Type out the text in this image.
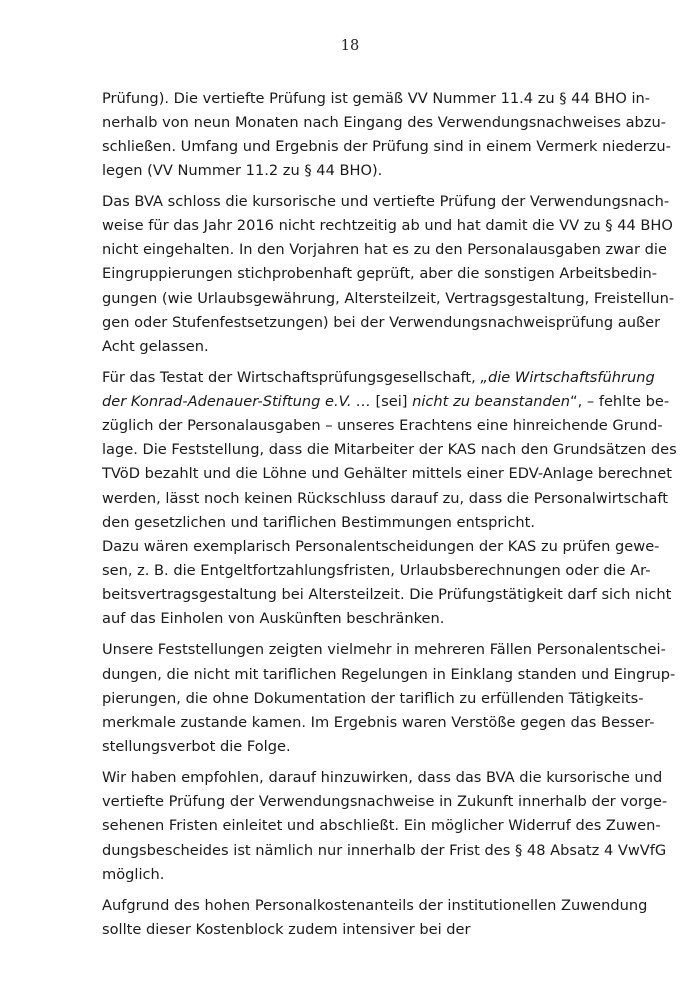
18

Prüfung). Die vertiefte Prüfung ist gemäß VV Nummer 11.4 zu § 44 BHO in-

nerhalb von neun Monaten nach Eingang des Verwendungsnachweises abzu-

schließen. Umfang und Ergebnis der Prüfung sind in einem Vermerk niederzu-

legen (VV Nummer 11.2 zu § 44 BHO).

Das BVA schloss die kursorische und vertiefte Prüfung der Verwendungsnach-

weise für das Jahr 2016 nicht rechtzeitig ab und hat damit die VV zu § 44 BHO

nicht eingehalten. In den Vorjahren hat es zu den Personalausgaben zwar die

Eingruppierungen stichprobenhaft geprüft, aber die sonstigen Arbeitsbedin-

gungen (wie Urlaubsgewährung, Altersteilzeit, Vertragsgestaltung, Freistellun-

gen oder Stufenfestsetzungen) bei der Verwendungsnachweisprüfung außer

Acht gelassen.

Für das Testat der Wirtschaftsprüfungsgesellschaft, „die Wirtschaftsführung

der Konrad-Adenauer-Stiftung e.V. … [sei] nicht zu beanstanden“, – fehlte be-

züglich der Personalausgaben – unseres Erachtens eine hinreichende Grund-

lage. Die Feststellung, dass die Mitarbeiter der KAS nach den Grundsätzen des

TVöD bezahlt und die Löhne und Gehälter mittels einer EDV-Anlage berechnet

werden, lässt noch keinen Rückschluss darauf zu, dass die Personalwirtschaft

den gesetzlichen und tariflichen Bestimmungen entspricht.

Dazu wären exemplarisch Personalentscheidungen der KAS zu prüfen gewe-

sen, z. B. die Entgeltfortzahlungsfristen, Urlaubsberechnungen oder die Ar-

beitsvertragsgestaltung bei Altersteilzeit. Die Prüfungstätigkeit darf sich nicht

auf das Einholen von Auskünften beschränken.

Unsere Feststellungen zeigten vielmehr in mehreren Fällen Personalentschei-

dungen, die nicht mit tariflichen Regelungen in Einklang standen und Eingrup-

pierungen, die ohne Dokumentation der tariflich zu erfüllenden Tätigkeits-

merkmale zustande kamen. Im Ergebnis waren Verstöße gegen das Besser-

stellungsverbot die Folge.

Wir haben empfohlen, darauf hinzuwirken, dass das BVA die kursorische und

vertiefte Prüfung der Verwendungsnachweise in Zukunft innerhalb der vorge-

sehenen Fristen einleitet und abschließt. Ein möglicher Widerruf des Zuwen-

dungsbescheides ist nämlich nur innerhalb der Frist des § 48 Absatz 4 VwVfG

möglich.

Aufgrund des hohen Personalkostenanteils der institutionellen Zuwendung

sollte dieser Kostenblock zudem intensiver bei der
